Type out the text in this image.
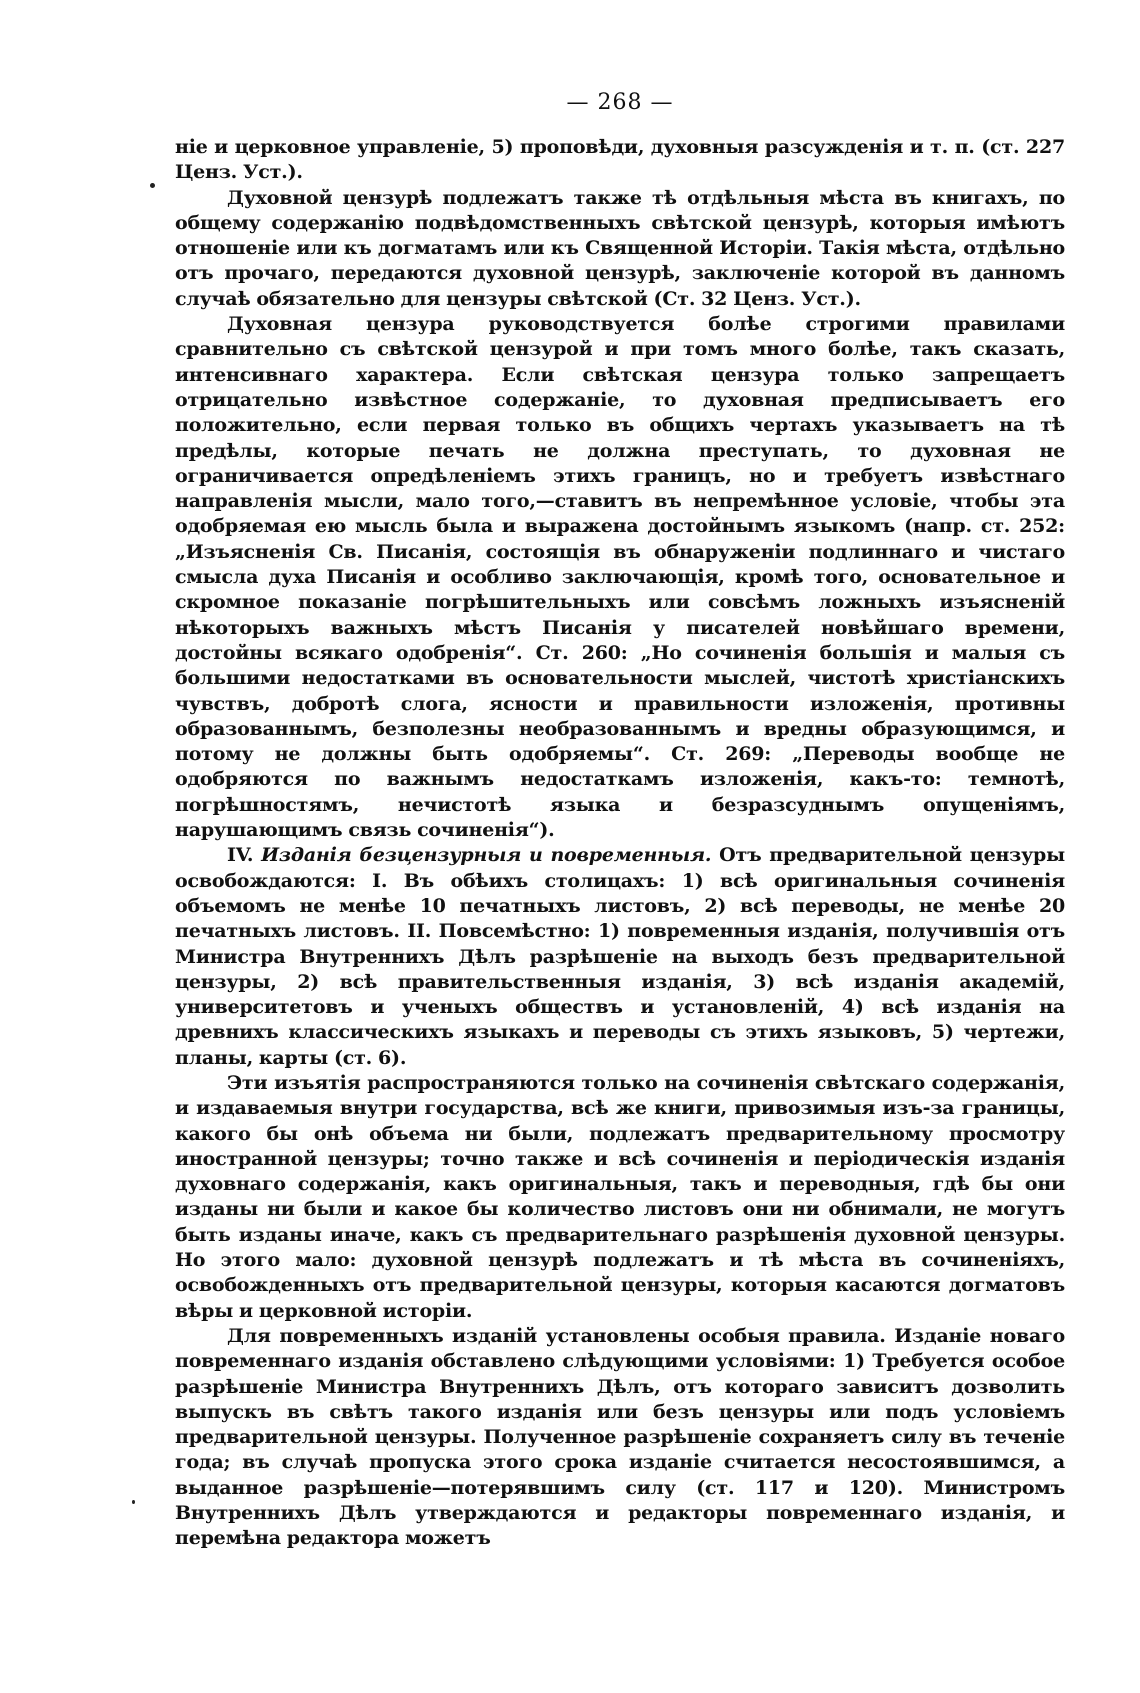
— 268 —

ніе и церковное управленіе, 5) проповѣди, духовныя разсужденія и т. п. (ст. 227 Ценз. Уст.).

Духовной цензурѣ подлежатъ также тѣ отдѣльныя мѣста въ книгахъ, по общему содержанію подвѣдомственныхъ свѣтской цензурѣ, которыя имѣютъ отношеніе или къ догматамъ или къ Священной Исторіи. Такія мѣста, отдѣльно отъ прочаго, передаются духовной цензурѣ, заключеніе которой въ данномъ случаѣ обязательно для цензуры свѣтской (Ст. 32 Ценз. Уст.).

Духовная цензура руководствуется болѣе строгими правилами сравнительно съ свѣтской цензурой и при томъ много болѣе, такъ сказать, интенсивнаго характера. Если свѣтская цензура только запрещаетъ отрицательно извѣстное содержаніе, то духовная предписываетъ его положительно, если первая только въ общихъ чертахъ указываетъ на тѣ предѣлы, которые печать не должна преступать, то духовная не ограничивается опредѣленіемъ этихъ границъ, но и требуетъ извѣстнаго направленія мысли, мало того,—ставитъ въ непремѣнное условіе, чтобы эта одобряемая ею мысль была и выражена достойнымъ языкомъ (напр. ст. 252: „Изъясненія Св. Писанія, состоящія въ обнаруженіи подлиннаго и чистаго смысла духа Писанія и особливо заключающія, кромѣ того, основательное и скромное показаніе погрѣшительныхъ или совсѣмъ ложныхъ изъясненій нѣкоторыхъ важныхъ мѣстъ Писанія у писателей новѣйшаго времени, достойны всякаго одобренія“. Ст. 260: „Но сочиненія большія и малыя съ большими недостатками въ основательности мыслей, чистотѣ христіанскихъ чувствъ, добротѣ слога, ясности и правильности изложенія, противны образованнымъ, безполезны необразованнымъ и вредны образующимся, и потому не должны быть одобряемы“. Ст. 269: „Переводы вообще не одобряются по важнымъ недостаткамъ изложенія, какъ-то: темнотѣ, погрѣшностямъ, нечистотѣ языка и безразсуднымъ опущеніямъ, нарушающимъ связь сочиненія“).

IV. Изданія безцензурныя и повременныя. Отъ предварительной цензуры освобождаются: I. Въ обѣихъ столицахъ: 1) всѣ оригинальныя сочиненія объемомъ не менѣе 10 печатныхъ листовъ, 2) всѣ переводы, не менѣе 20 печатныхъ листовъ. II. Повсемѣстно: 1) повременныя изданія, получившія отъ Министра Внутреннихъ Дѣлъ разрѣшеніе на выходъ безъ предварительной цензуры, 2) всѣ правительственныя изданія, 3) всѣ изданія академій, университетовъ и ученыхъ обществъ и установленій, 4) всѣ изданія на древнихъ классическихъ языкахъ и переводы съ этихъ языковъ, 5) чертежи, планы, карты (ст. 6).

Эти изъятія распространяются только на сочиненія свѣтскаго содержанія, и издаваемыя внутри государства, всѣ же книги, привозимыя изъ-за границы, какого бы онѣ объема ни были, подлежатъ предварительному просмотру иностранной цензуры; точно также и всѣ сочиненія и періодическія изданія духовнаго содержанія, какъ оригинальныя, такъ и переводныя, гдѣ бы они изданы ни были и какое бы количество листовъ они ни обнимали, не могутъ быть изданы иначе, какъ съ предварительнаго разрѣшенія духовной цензуры. Но этого мало: духовной цензурѣ подлежатъ и тѣ мѣста въ сочиненіяхъ, освобожденныхъ отъ предварительной цензуры, которыя касаются догматовъ вѣры и церковной исторіи.

Для повременныхъ изданій установлены особыя правила. Изданіе новаго повременнаго изданія обставлено слѣдующими условіями: 1) Требуется особое разрѣшеніе Министра Внутреннихъ Дѣлъ, отъ котораго зависитъ дозволить выпускъ въ свѣтъ такого изданія или безъ цензуры или подъ условіемъ предварительной цензуры. Полученное разрѣшеніе сохраняетъ силу въ теченіе года; въ случаѣ пропуска этого срока изданіе считается несостоявшимся, а выданное разрѣшеніе—потерявшимъ силу (ст. 117 и 120). Министромъ Внутреннихъ Дѣлъ утверждаются и редакторы повременнаго изданія, и перемѣна редактора можетъ
